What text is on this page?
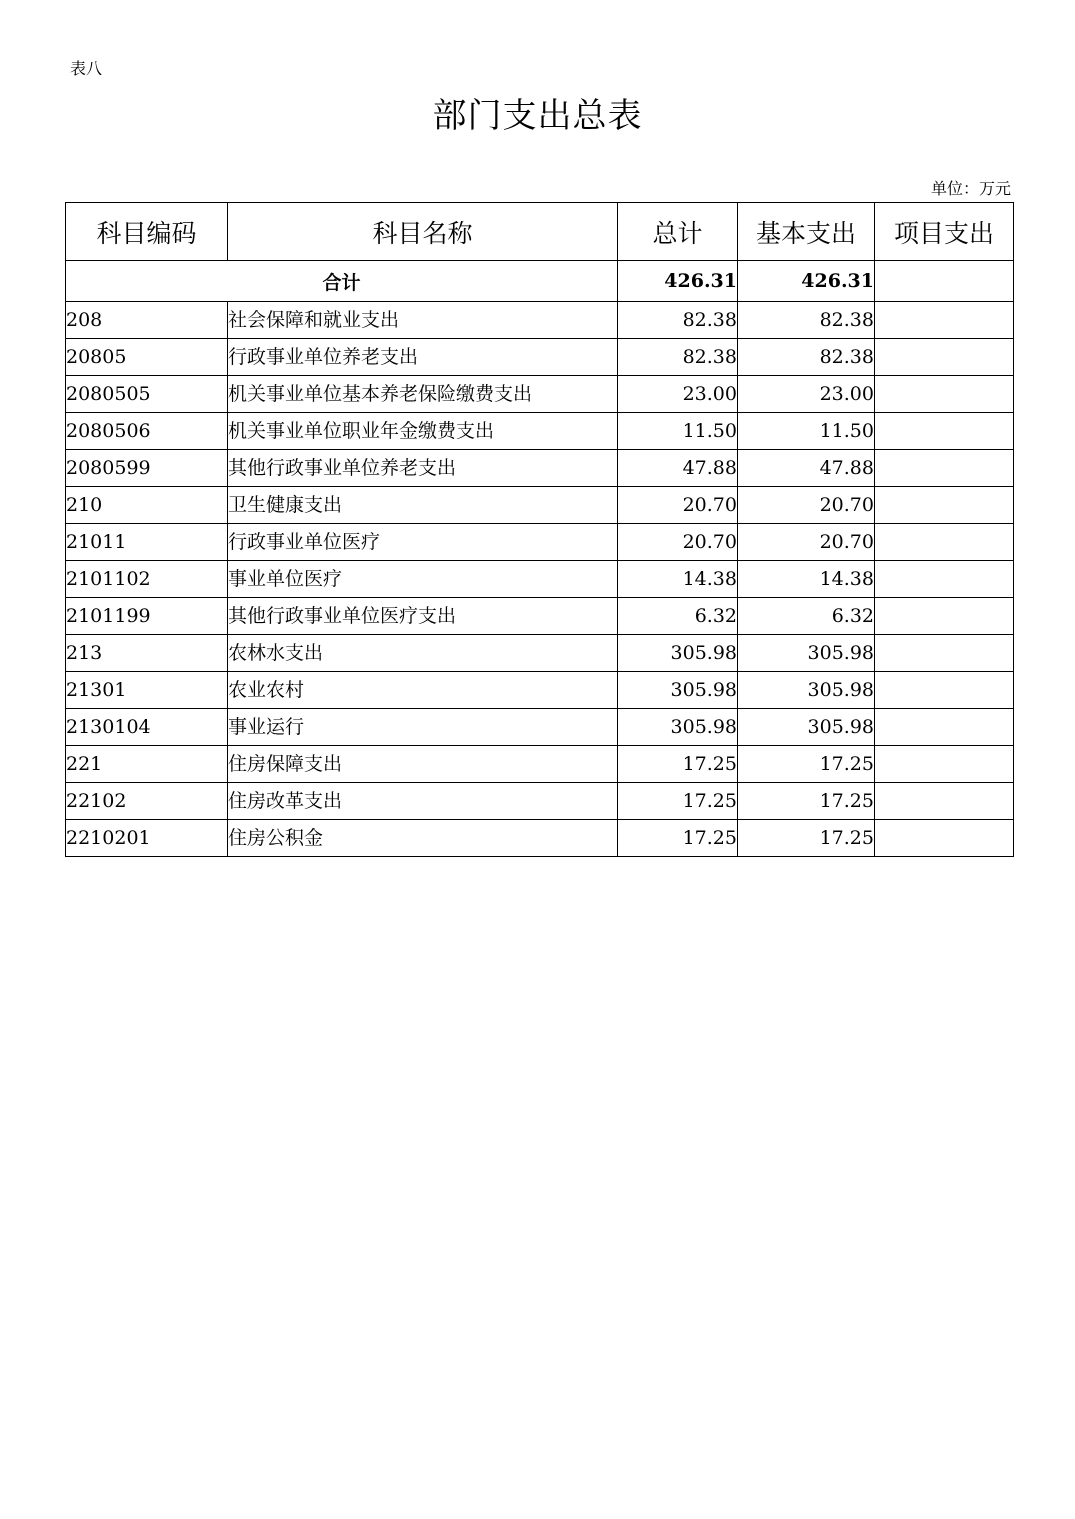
表八
部门支出总表
单位：万元
科目编码	科目名称	总计	基本支出	项目支出
合计		426.31	426.31	
208	社会保障和就业支出	82.38	82.38	
20805	行政事业单位养老支出	82.38	82.38	
2080505	机关事业单位基本养老保险缴费支出	23.00	23.00	
2080506	机关事业单位职业年金缴费支出	11.50	11.50	
2080599	其他行政事业单位养老支出	47.88	47.88	
210	卫生健康支出	20.70	20.70	
21011	行政事业单位医疗	20.70	20.70	
2101102	事业单位医疗	14.38	14.38	
2101199	其他行政事业单位医疗支出	6.32	6.32	
213	农林水支出	305.98	305.98	
21301	农业农村	305.98	305.98	
2130104	事业运行	305.98	305.98	
221	住房保障支出	17.25	17.25	
22102	住房改革支出	17.25	17.25	
2210201	住房公积金	17.25	17.25	
